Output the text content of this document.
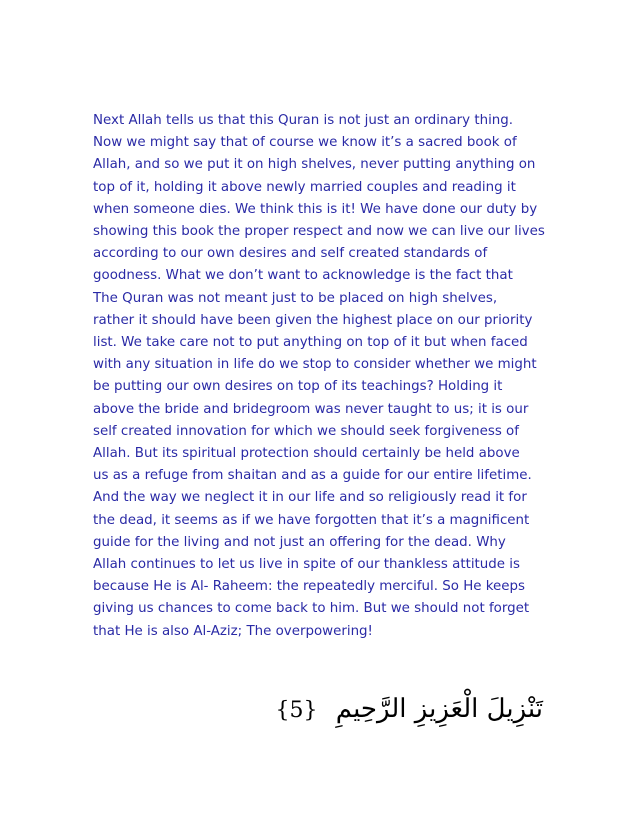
Next Allah tells us that this Quran is not just an ordinary thing.
Now we might say that of course we know it’s a sacred book of
Allah, and so we put it on high shelves, never putting anything on
top of it, holding it above newly married couples and reading it
when someone dies. We think this is it! We have done our duty by
showing this book the proper respect and now we can live our lives
according to our own desires and self created standards of
goodness. What we don’t want to acknowledge is the fact that
The Quran was not meant just to be placed on high shelves,
rather it should have been given the highest place on our priority
list. We take care not to put anything on top of it but when faced
with any situation in life do we stop to consider whether we might
be putting our own desires on top of its teachings? Holding it
above the bride and bridegroom was never taught to us; it is our
self created innovation for which we should seek forgiveness of
Allah. But its spiritual protection should certainly be held above
us as a refuge from shaitan and as a guide for our entire lifetime.
And the way we neglect it in our life and so religiously read it for
the dead, it seems as if we have forgotten that it’s a magnificent
guide for the living and not just an offering for the dead. Why
Allah continues to let us live in spite of our thankless attitude is
because He is Al- Raheem: the repeatedly merciful. So He keeps
giving us chances to come back to him. But we should not forget
that He is also Al-Aziz; The overpowering!

تَنْزِيلَ الْعَزِيزِ الرَّحِيمِ {5}
